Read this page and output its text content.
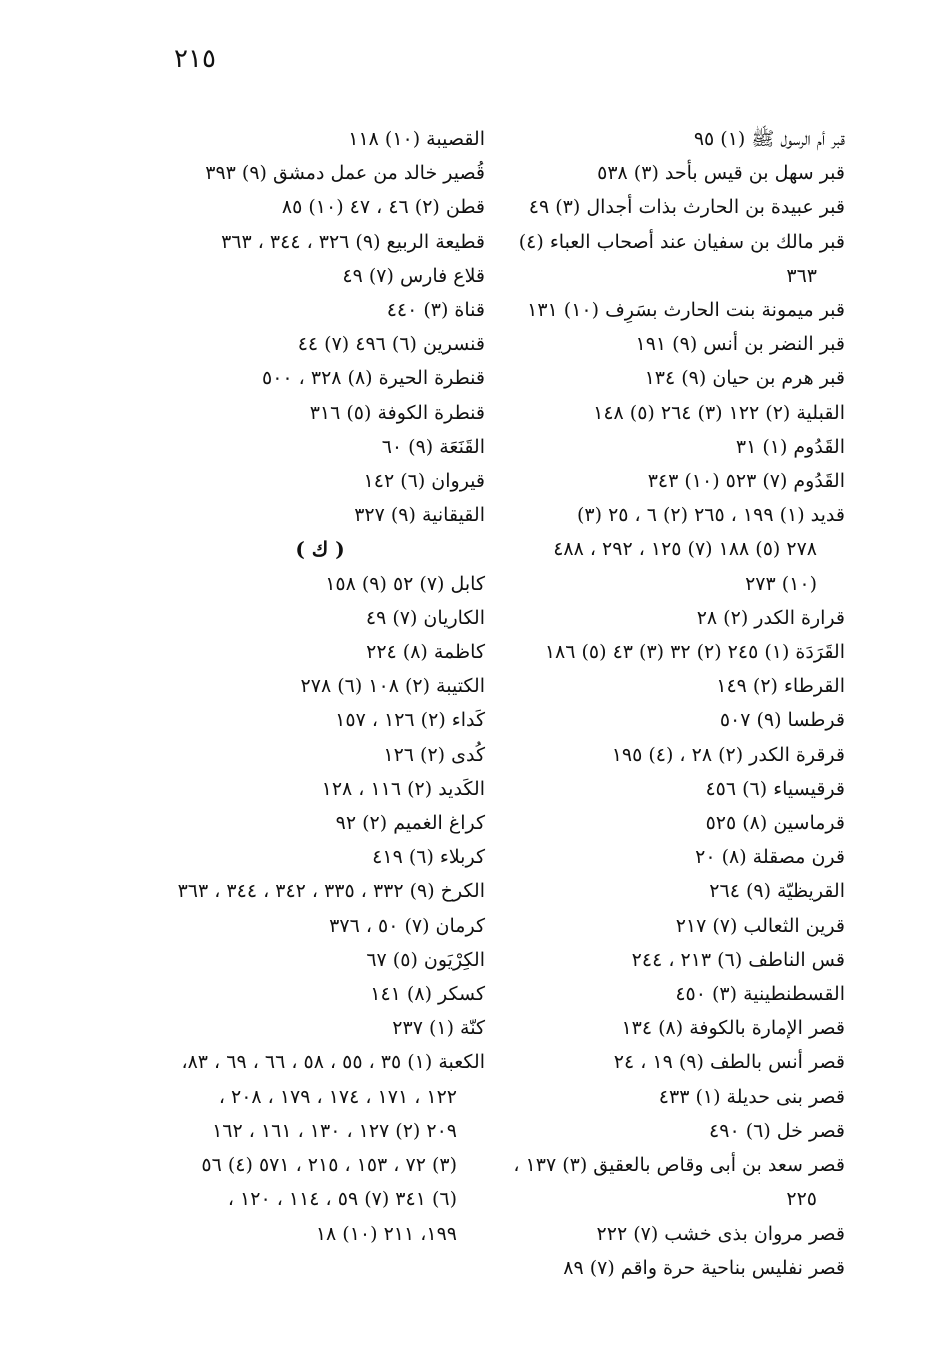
٢١٥
قبر أم الرسول ﷺ (١) ٩٥
قبر سهل بن قيس بأحد (٣) ٥٣٨
قبر عبيدة بن الحارث بذات أجدال (٣) ٤٩
قبر مالك بن سفيان عند أصحاب العباء (٤)
٣٦٣
قبر ميمونة بنت الحارث بسَرِف (١٠) ١٣١
قبر النضر بن أنس (٩) ١٩١
قبر هرم بن حيان (٩) ١٣٤
القبلية (٢) ١٢٢ (٣) ٢٦٤ (٥) ١٤٨
القَدُوم (١) ٣١
القَدُوم (٧) ٥٢٣ (١٠) ٣٤٣
قديد (١) ١٩٩ ، ٢٦٥ (٢) ٦ ، ٢٥ (٣)
٢٧٨ (٥) ١٨٨ (٧) ١٢٥ ، ٢٩٢ ، ٤٨٨
(١٠) ٢٧٣
قرارة الكدر (٢) ٢٨
القَرَدَة (١) ٢٤٥ (٢) ٣٢ (٣) ٤٣ (٥) ١٨٦
القرطاء (٢) ١٤٩
قرطسا (٩) ٥٠٧
قرقرة الكدر (٢) ٢٨ ، (٤) ١٩٥
قرقيسياء (٦) ٤٥٦
قرماسين (٨) ٥٢٥
قرن مصقلة (٨) ٢٠
القريظيّة (٩) ٢٦٤
قرين الثعالب (٧) ٢١٧
قس الناطف (٦) ٢١٣ ، ٢٤٤
القسطنطينية (٣) ٤٥٠
قصر الإمارة بالكوفة (٨) ١٣٤
قصر أنس بالطف (٩) ١٩ ، ٢٤
قصر بنى حديلة (١) ٤٣٣
قصر خل (٦) ٤٩٠
قصر سعد بن أبى وقاص بالعقيق (٣) ١٣٧ ،
٢٢٥
قصر مروان بذى خشب (٧) ٢٢٢
قصر نفليس بناحية حرة واقم (٧) ٨٩
القصيبة (١٠) ١١٨
قُصير خالد من عمل دمشق (٩) ٣٩٣
قطن (٢) ٤٦ ، ٤٧ (١٠) ٨٥
قطيعة الربيع (٩) ٣٢٦ ، ٣٤٤ ، ٣٦٣
قلاع فارس (٧) ٤٩
قناة (٣) ٤٤٠
قنسرين (٦) ٤٩٦ (٧) ٤٤
قنطرة الحيرة (٨) ٣٢٨ ، ٥٠٠
قنطرة الكوفة (٥) ٣١٦
القَنَعَة (٩) ٦٠
قيروان (٦) ١٤٢
القيقانية (٩) ٣٢٧
( ك )
كابل (٧) ٥٢ (٩) ١٥٨
الكاريان (٧) ٤٩
كاظمة (٨) ٢٢٤
الكتيبة (٢) ١٠٨ (٦) ٢٧٨
كَداء (٢) ١٢٦ ، ١٥٧
كُدى (٢) ١٢٦
الكَديد (٢) ١١٦ ، ١٢٨
كراغ الغميم (٢) ٩٢
كربلاء (٦) ٤١٩
الكرخ (٩) ٣٣٢ ، ٣٣٥ ، ٣٤٢ ، ٣٤٤ ، ٣٦٣
كرمان (٧) ٥٠ ، ٣٧٦
الكِرْيَون (٥) ٦٧
كسكر (٨) ١٤١
كنّة (١) ٢٣٧
الكعبة (١) ٣٥ ، ٥٥ ، ٥٨ ، ٦٦ ، ٦٩ ، ٨٣،
١٢٢ ، ١٧١ ، ١٧٤ ، ١٧٩ ، ٢٠٨ ،
٢٠٩ (٢) ١٢٧ ، ١٣٠ ، ١٦١ ، ١٦٢
(٣) ٧٢ ، ١٥٣ ، ٢١٥ ، ٥٧١ (٤) ٥٦
(٦) ٣٤١ (٧) ٥٩ ، ١١٤ ، ١٢٠ ،
١٩٩، ٢١١ (١٠) ١٨
